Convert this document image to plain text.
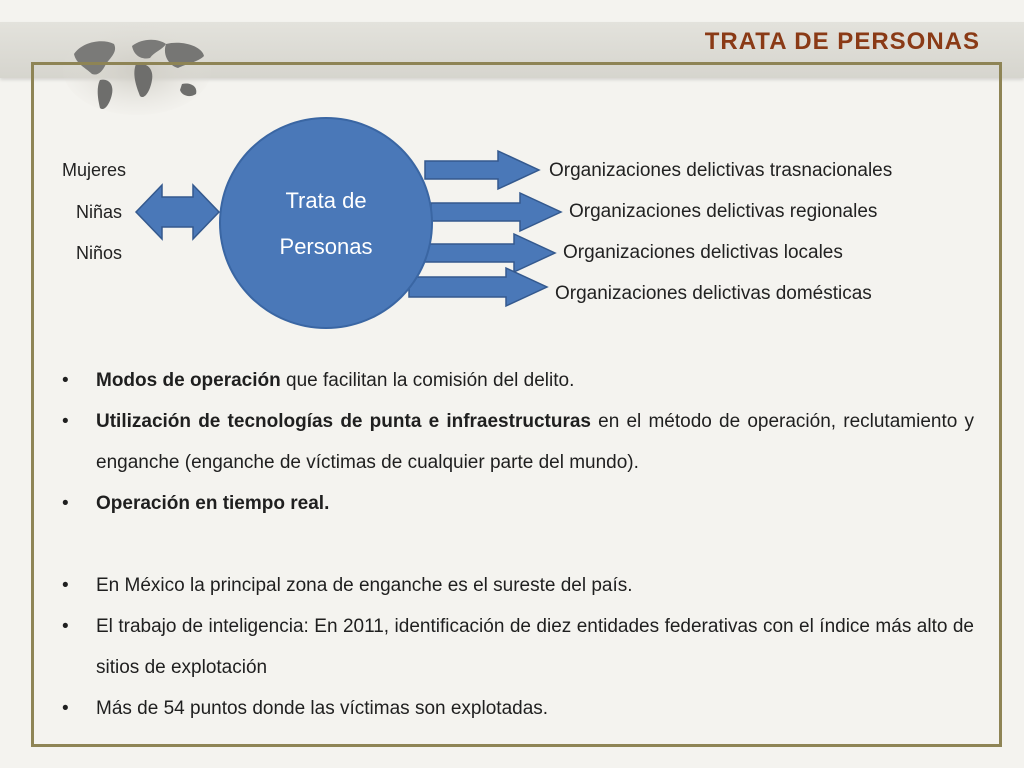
TRATA DE PERSONAS
Trata de
Personas
Mujeres
Niñas
Niños
Organizaciones delictivas trasnacionales
Organizaciones delictivas regionales
Organizaciones delictivas locales
Organizaciones delictivas domésticas
• Modos de operación que facilitan la comisión del delito.
• Utilización de tecnologías de punta e infraestructuras en el método de operación, reclutamiento y enganche (enganche de víctimas de cualquier parte del mundo).
• Operación en tiempo real.
• En México la principal zona de enganche es el sureste del país.
• El trabajo de inteligencia: En 2011, identificación de diez entidades federativas con el índice más alto de sitios de explotación
• Más de 54 puntos donde las víctimas son explotadas.
